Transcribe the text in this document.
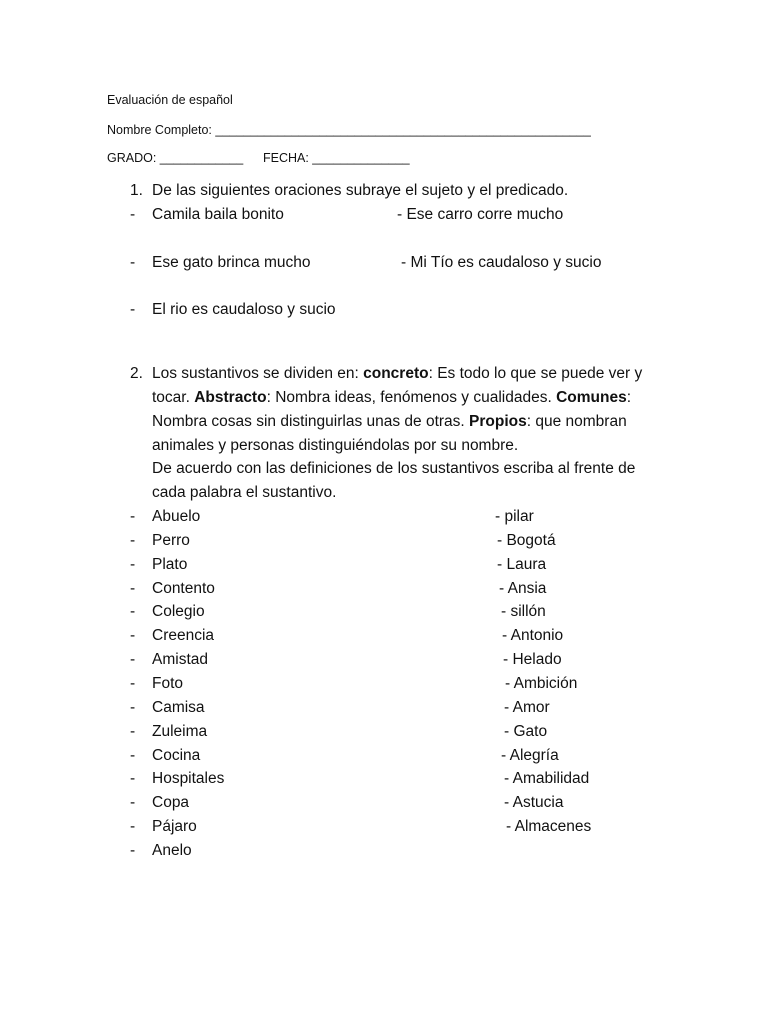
Evaluación de español
Nombre Completo: ______________________________________________________
GRADO: ____________ FECHA: ______________
1. De las siguientes oraciones subraye el sujeto y el predicado.
- Camila baila bonito	- Ese carro corre mucho
- Ese gato brinca mucho	- Mi Tío es caudaloso y sucio
- El rio es caudaloso y sucio
2. Los sustantivos se dividen en: concreto: Es todo lo que se puede ver y
tocar. Abstracto: Nombra ideas, fenómenos y cualidades. Comunes:
Nombra cosas sin distinguirlas unas de otras. Propios: que nombran
animales y personas distinguiéndolas por su nombre.
De acuerdo con las definiciones de los sustantivos escriba al frente de
cada palabra el sustantivo.
- Abuelo	- pilar
- Perro	- Bogotá
- Plato	- Laura
- Contento	- Ansia
- Colegio	- sillón
- Creencia	- Antonio
- Amistad	- Helado
- Foto	- Ambición
- Camisa	- Amor
- Zuleima	- Gato
- Cocina	- Alegría
- Hospitales	- Amabilidad
- Copa	- Astucia
- Pájaro	- Almacenes
- Anelo
